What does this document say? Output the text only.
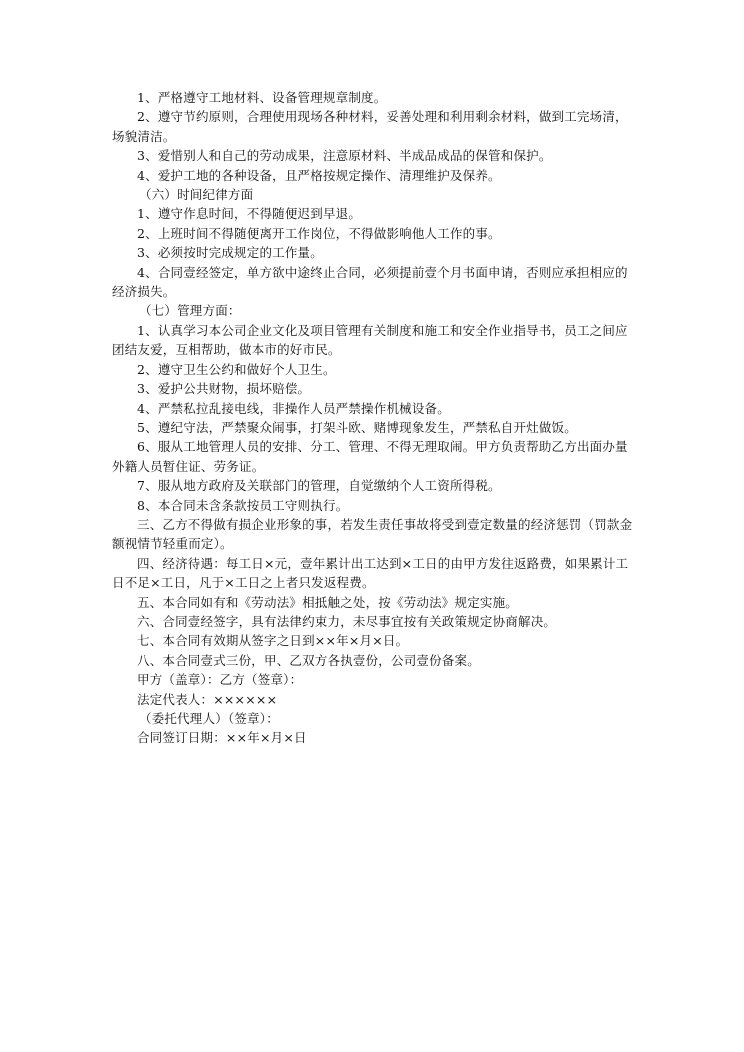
1、严格遵守工地材料、设备管理规章制度。

2、遵守节约原则，合理使用现场各种材料，妥善处理和利用剩余材料，做到工完场清，场貌清洁。

3、爱惜别人和自己的劳动成果，注意原材料、半成品成品的保管和保护。

4、爱护工地的各种设备，且严格按规定操作、清理维护及保养。

（六）时间纪律方面

1、遵守作息时间，不得随便迟到早退。

2、上班时间不得随便离开工作岗位，不得做影响他人工作的事。

3、必须按时完成规定的工作量。

4、合同壹经签定，单方欲中途终止合同，必须提前壹个月书面申请，否则应承担相应的经济损失。

（七）管理方面：

1、认真学习本公司企业文化及项目管理有关制度和施工和安全作业指导书，员工之间应团结友爱，互相帮助，做本市的好市民。

2、遵守卫生公约和做好个人卫生。

3、爱护公共财物，损坏赔偿。

4、严禁私拉乱接电线，非操作人员严禁操作机械设备。

5、遵纪守法，严禁聚众闹事，打架斗欧、赌博现象发生，严禁私自开灶做饭。

6、服从工地管理人员的安排、分工、管理、不得无理取闹。甲方负责帮助乙方出面办量外籍人员暂住证、劳务证。

7、服从地方政府及关联部门的管理，自觉缴纳个人工资所得税。

8、本合同未含条款按员工守则执行。

三、乙方不得做有损企业形象的事，若发生责任事故将受到壹定数量的经济惩罚（罚款金额视情节轻重而定）。

四、经济待遇：每工日×元，壹年累计出工达到×工日的由甲方发往返路费，如果累计工日不足×工日，凡于×工日之上者只发返程费。

五、本合同如有和《劳动法》相抵触之处，按《劳动法》规定实施。

六、合同壹经签字，具有法律约束力，未尽事宜按有关政策规定协商解决。

七、本合同有效期从签字之日到××年×月×日。

八、本合同壹式三份，甲、乙双方各执壹份，公司壹份备案。

甲方（盖章）：乙方（签章）：

法定代表人：××××××

（委托代理人）（签章）：

合同签订日期：××年×月×日
